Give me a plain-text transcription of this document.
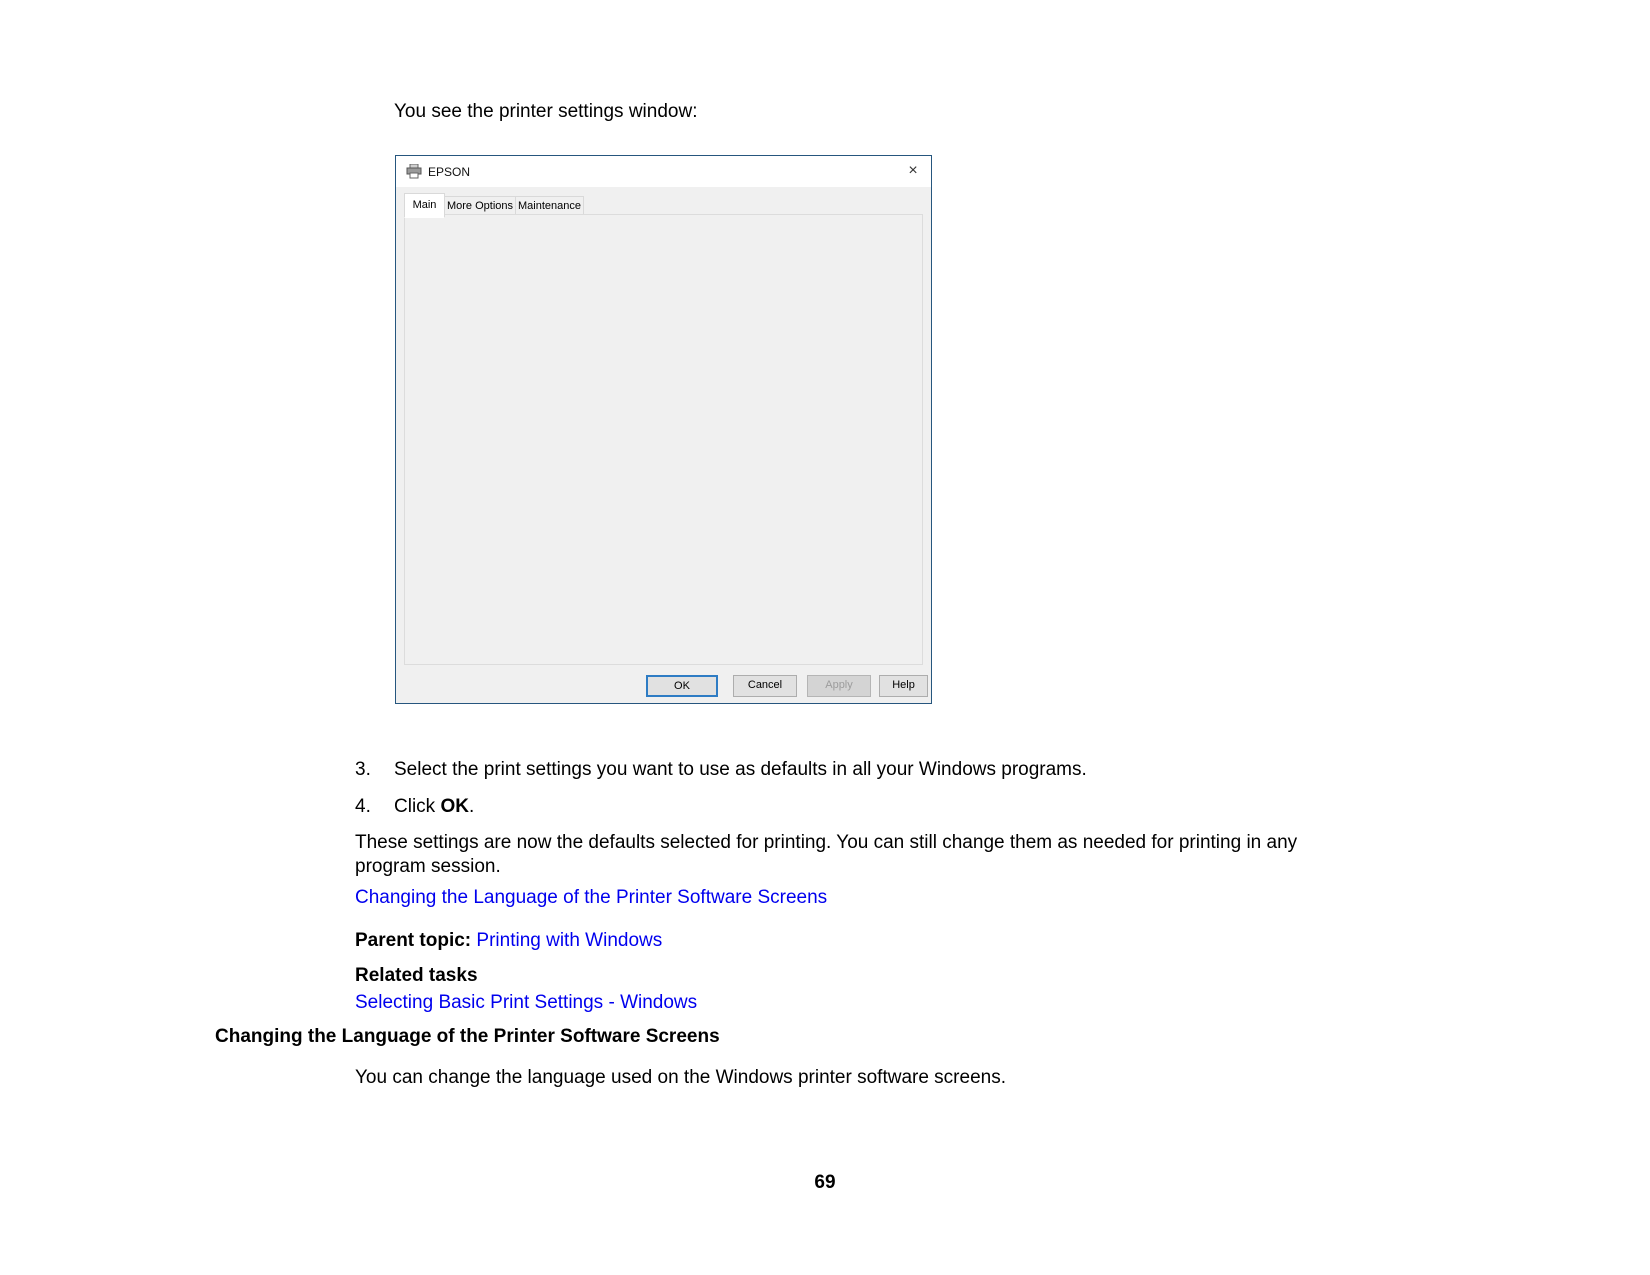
You see the printer settings window:
EPSON	×
Main More Options Maintenance
✓
✓
OK	Cancel	Apply	Help
3. Select the print settings you want to use as defaults in all your Windows programs.
4. Click OK.
These settings are now the defaults selected for printing. You can still change them as needed for printing in any program session.
Changing the Language of the Printer Software Screens
Parent topic: Printing with Windows
Related tasks
Selecting Basic Print Settings - Windows
Changing the Language of the Printer Software Screens
You can change the language used on the Windows printer software screens.
69
